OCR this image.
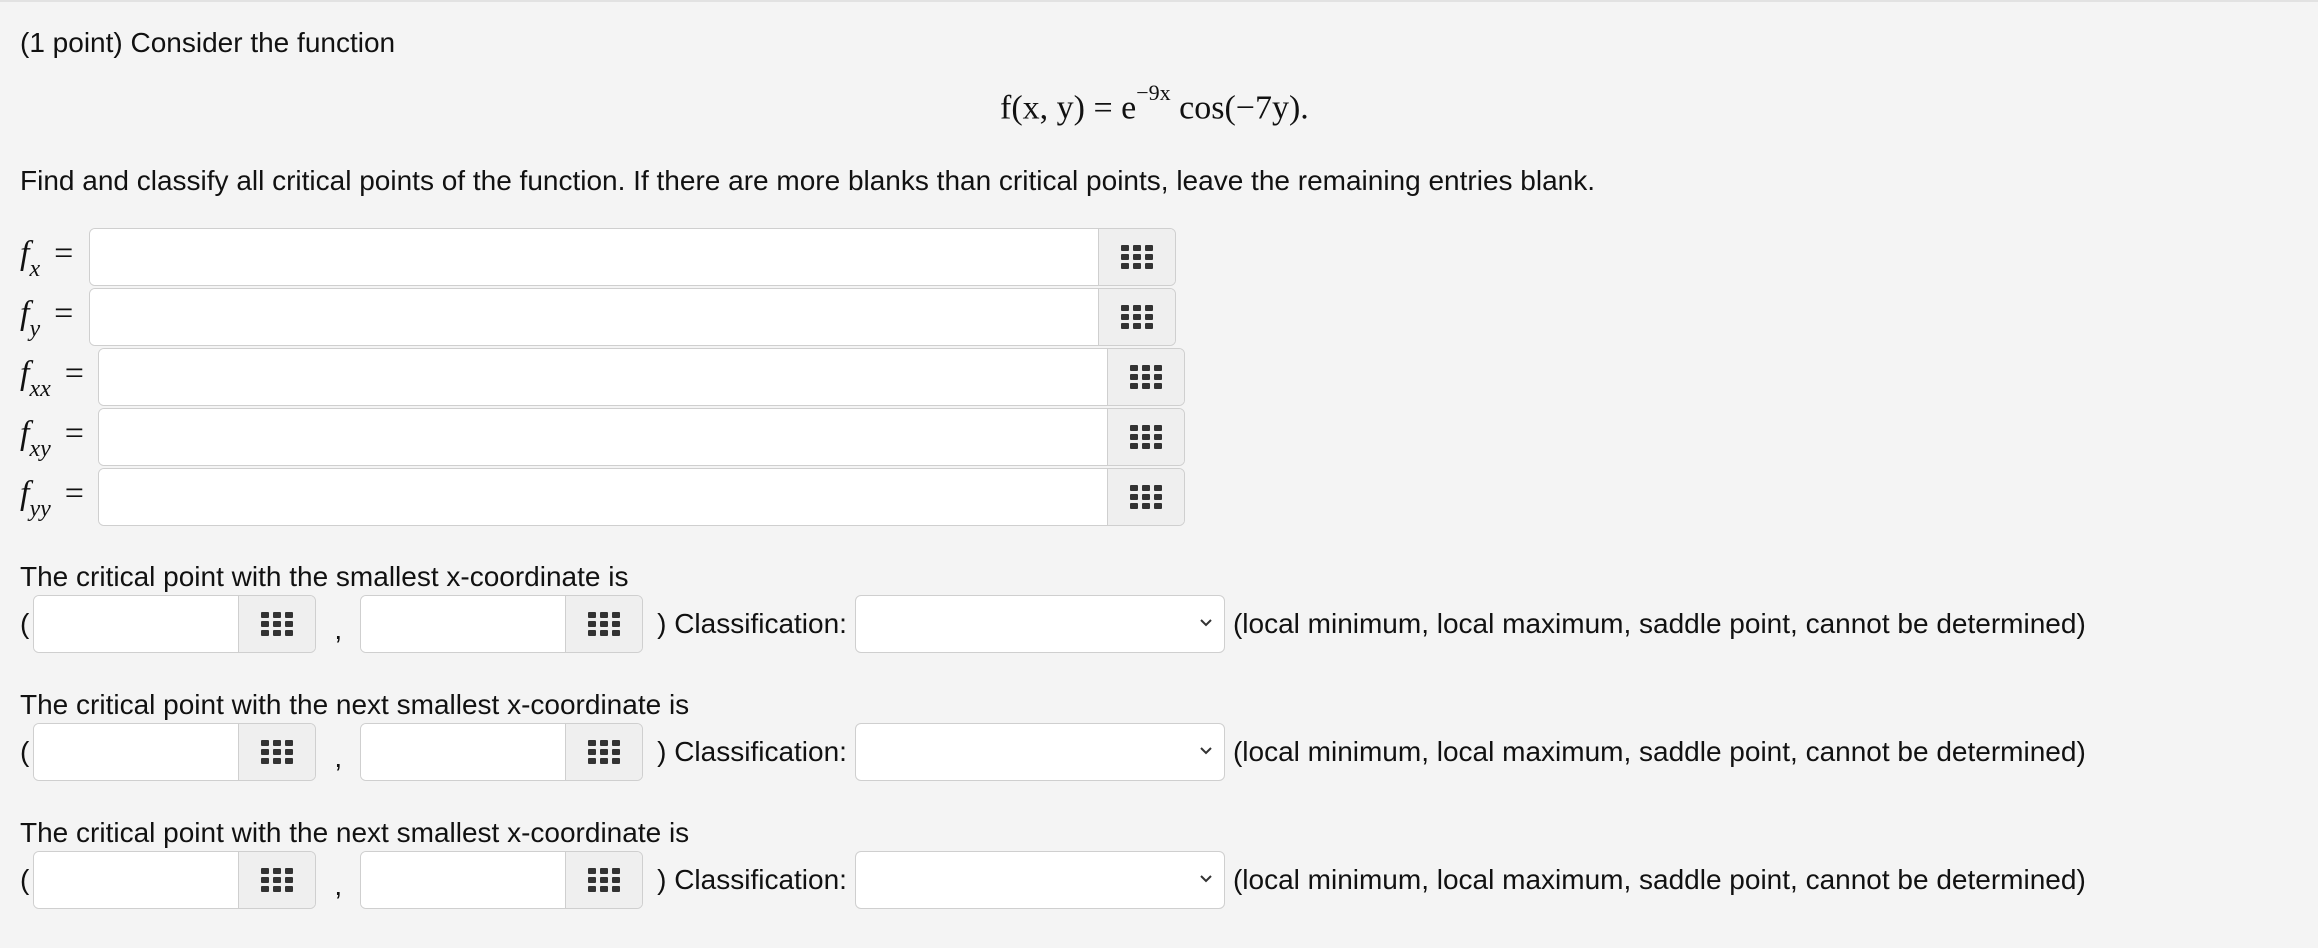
(1 point) Consider the function
f(x, $y) = e^{-9x}$ cos(−7y).
Find and classify all critical points of the function. If there are more blanks than critical points, leave the remaining entries blank.
$f_x$ =
$f_y$ =
$f_{xx}$ =
$f_{xy}$ =
$f_{yy}$ =
The critical point with the smallest x-coordinate is
(	,	) Classification:	(local minimum, local maximum, saddle point, cannot be determined)
The critical point with the next smallest x-coordinate is
(	,	) Classification:	(local minimum, local maximum, saddle point, cannot be determined)
The critical point with the next smallest x-coordinate is
(	,	) Classification:	(local minimum, local maximum, saddle point, cannot be determined)
